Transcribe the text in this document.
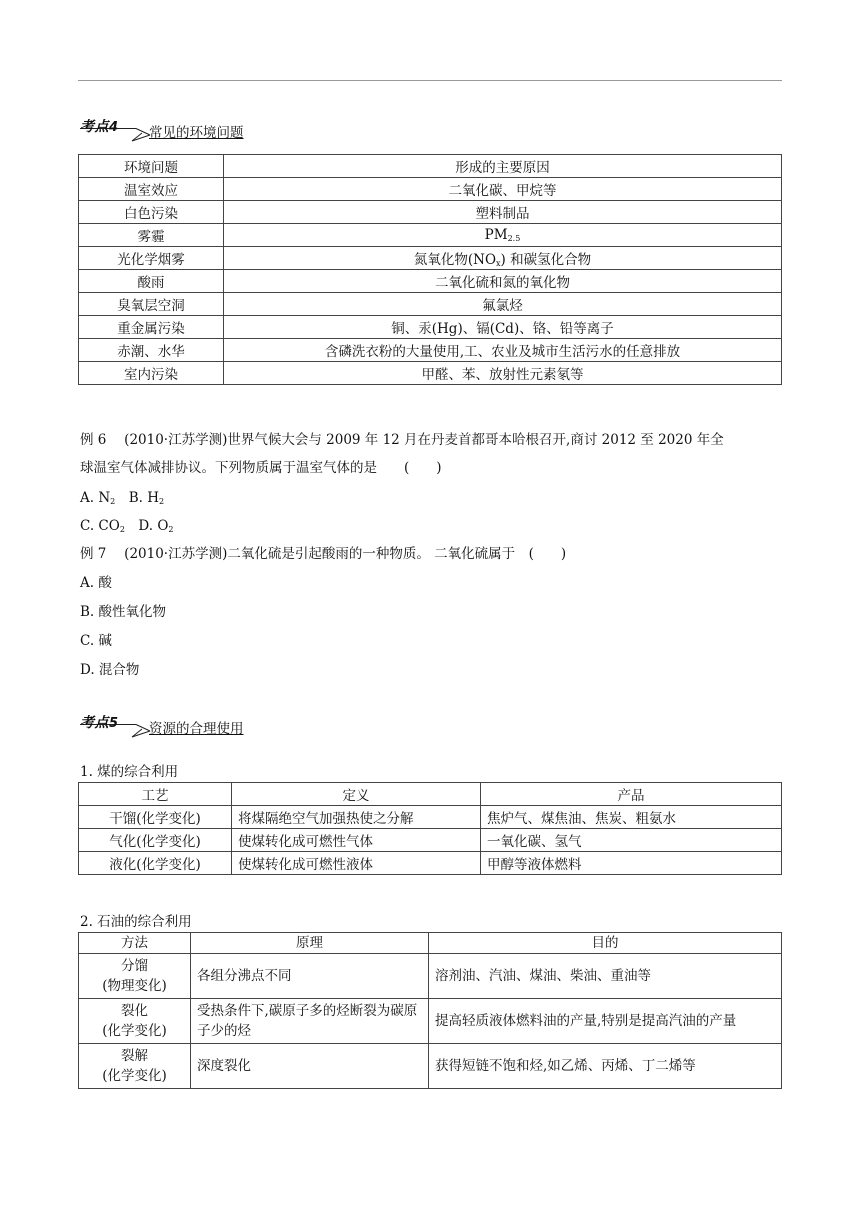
考点4 常见的环境问题
环境问题	形成的主要原因
温室效应	二氧化碳、甲烷等
白色污染	塑料制品
雾霾	$PM_{2.5}$
光化学烟雾	氮氧化物$(NO_x)$ 和碳氢化合物
酸雨	二氧化硫和氮的氧化物
臭氧层空洞	氟氯烃
重金属污染	铜、汞(Hg)、镉(Cd)、铬、铅等离子
赤潮、水华	含磷洗衣粉的大量使用,工、农业及城市生活污水的任意排放
室内污染	甲醛、苯、放射性元素氡等
例 6　 (2010·江苏学测)世界气候大会与 2009 年 12 月在丹麦首都哥本哈根召开,商讨 2012 至 2020 年全
球温室气体减排协议。下列物质属于温室气体的是　　(　　)
A. $N_2$　B. $H_2$
C. $CO_2$　D. $O_2$
例 7　 (2010·江苏学测)二氧化硫是引起酸雨的一种物质。 二氧化硫属于　(　　)
A. 酸
B. 酸性氧化物
C. 碱
D. 混合物
考点5 资源的合理使用
1. 煤的综合利用
工艺	定义	产品
干馏(化学变化)	将煤隔绝空气加强热使之分解	焦炉气、煤焦油、焦炭、粗氨水
气化(化学变化)	使煤转化成可燃性气体	一氧化碳、氢气
液化(化学变化)	使煤转化成可燃性液体	甲醇等液体燃料
2. 石油的综合利用
方法	原理	目的
分馏
(物理变化)	各组分沸点不同	溶剂油、汽油、煤油、柴油、重油等
裂化
(化学变化)	受热条件下,碳原子多的烃断裂为碳原子少的烃	提高轻质液体燃料油的产量,特别是提高汽油的产量
裂解
(化学变化)	深度裂化	获得短链不饱和烃,如乙烯、丙烯、丁二烯等
